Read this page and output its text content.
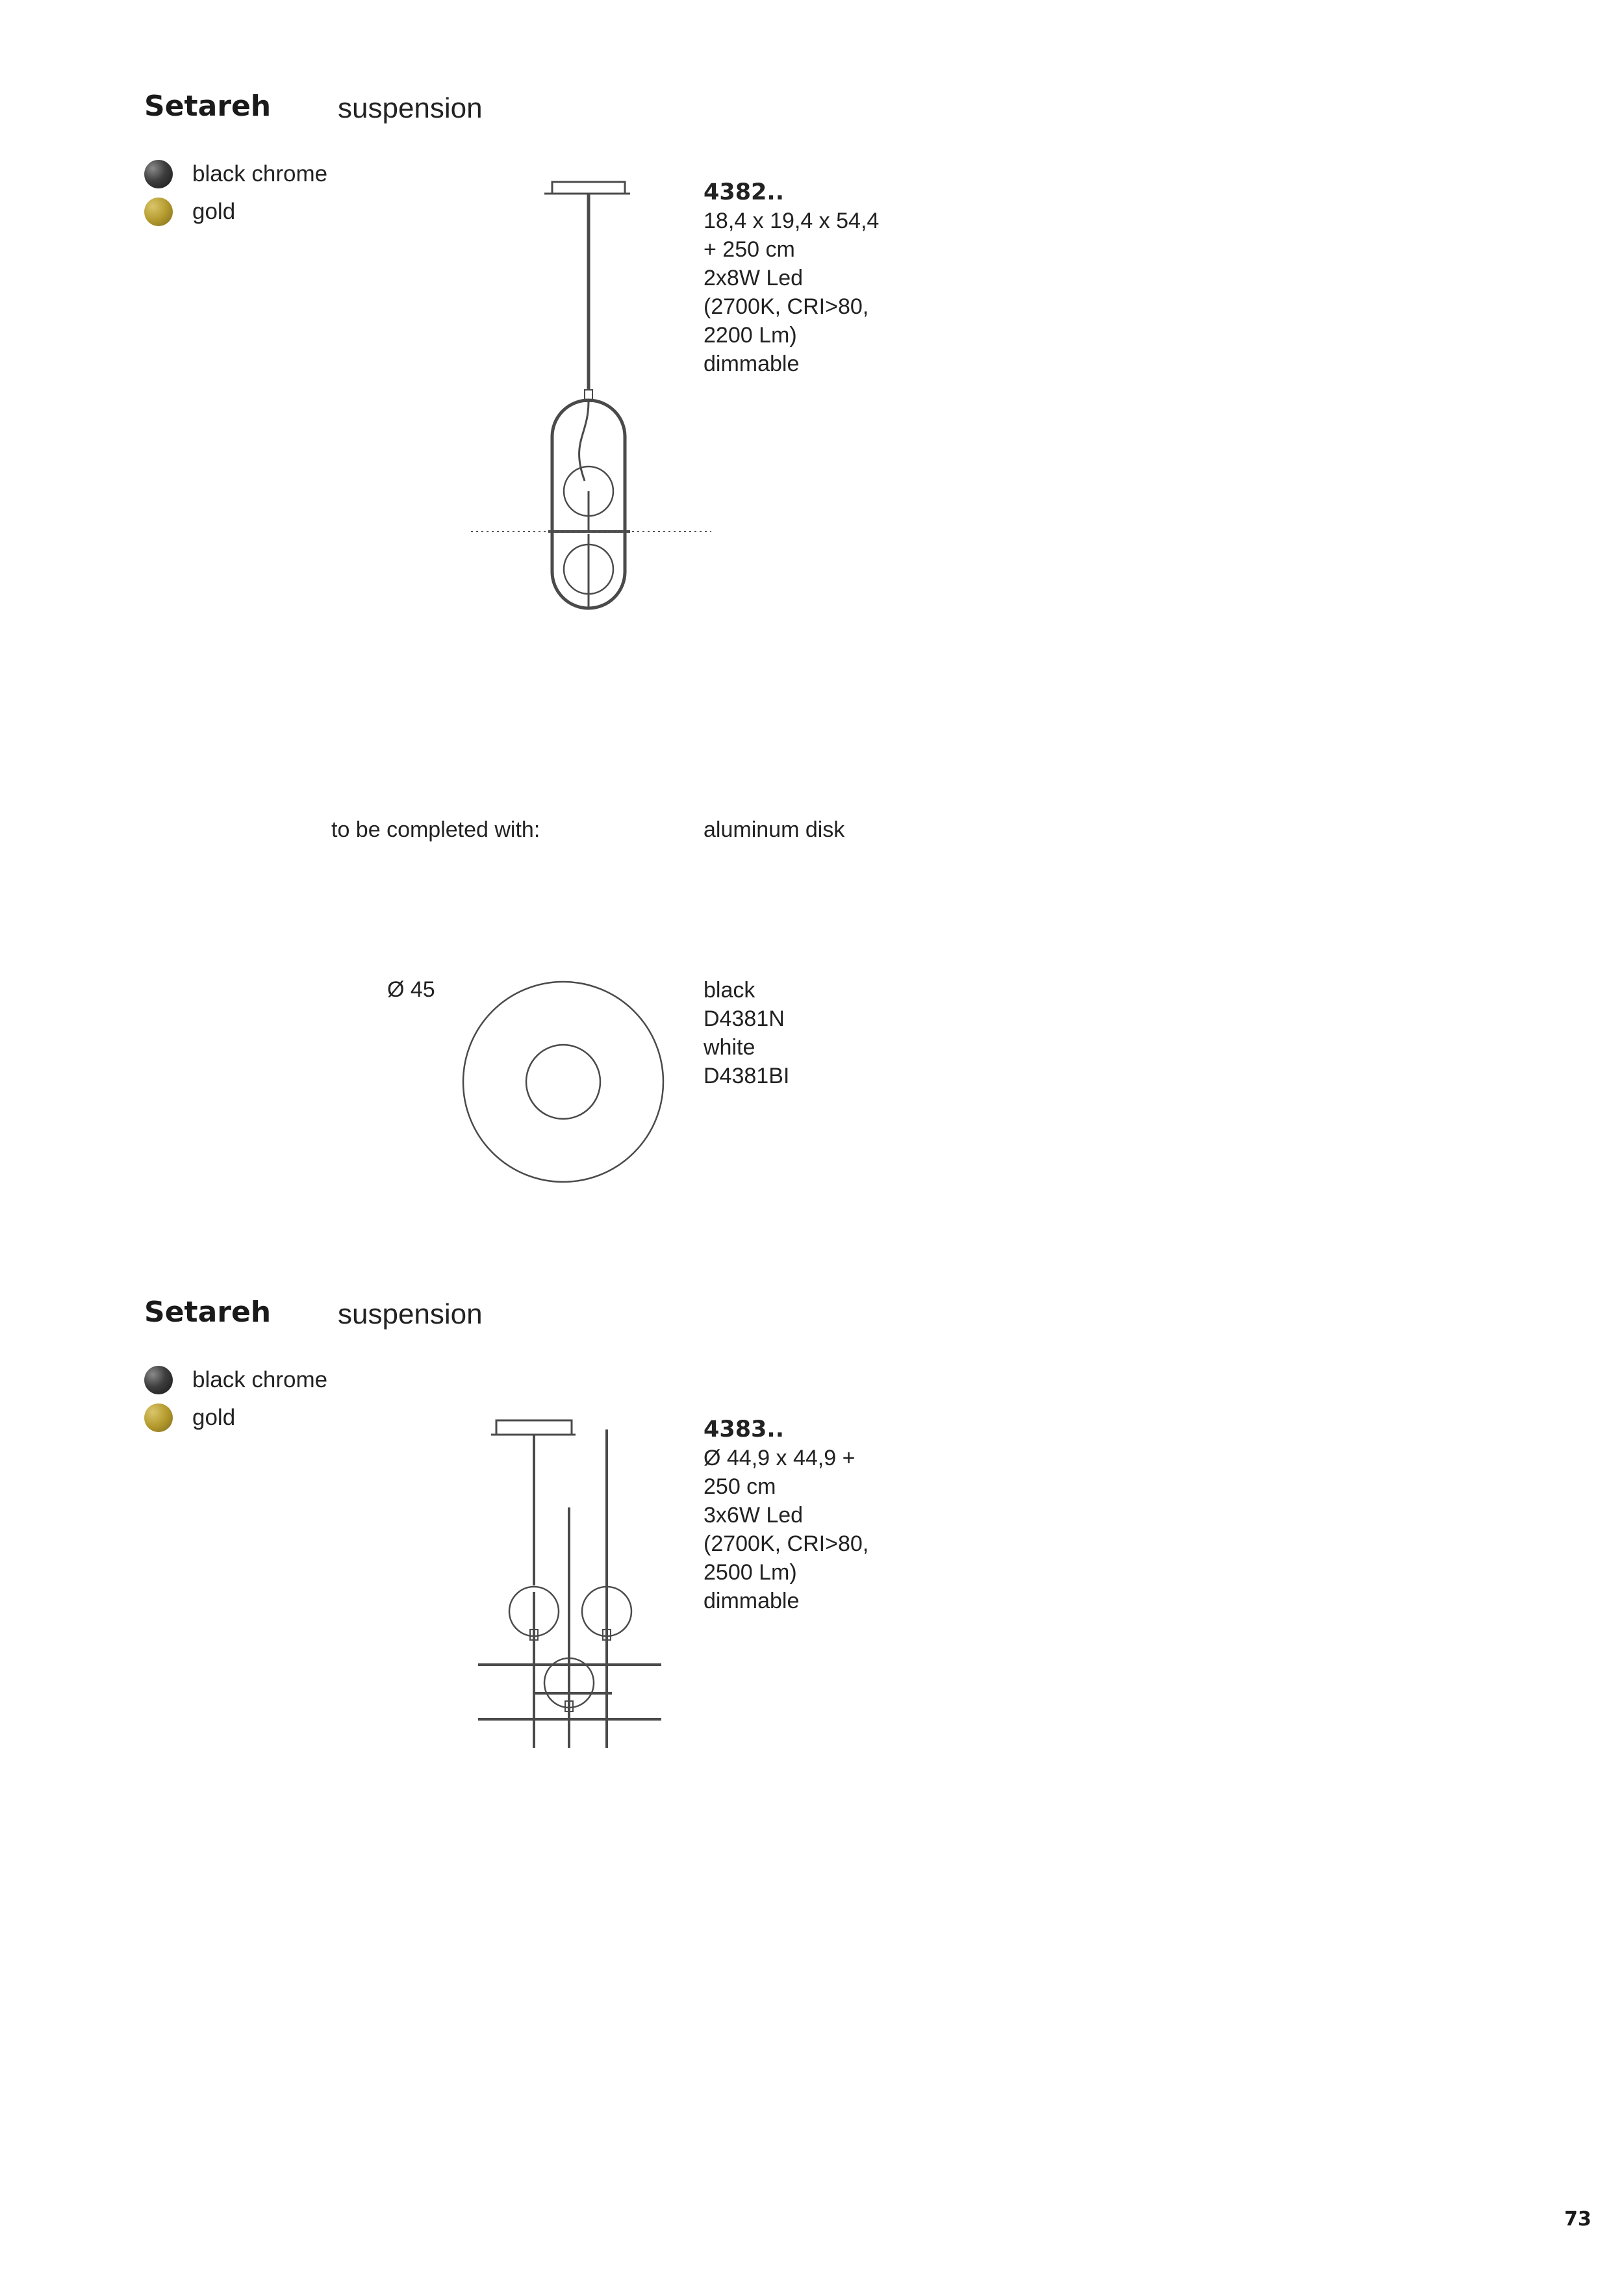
Setareh suspension
black chrome
gold
4382..
18,4 x 19,4 x 54,4
+ 250 cm
2x8W Led
(2700K, CRI>80,
2200 Lm)
dimmable
to be completed with:	aluminum disk
Ø 45	black
D4381N
white
D4381BI
Setareh suspension
black chrome
gold	4383..
Ø 44,9 x 44,9 +
250 cm
3x6W Led
(2700K, CRI>80,
2500 Lm)
dimmable
73
